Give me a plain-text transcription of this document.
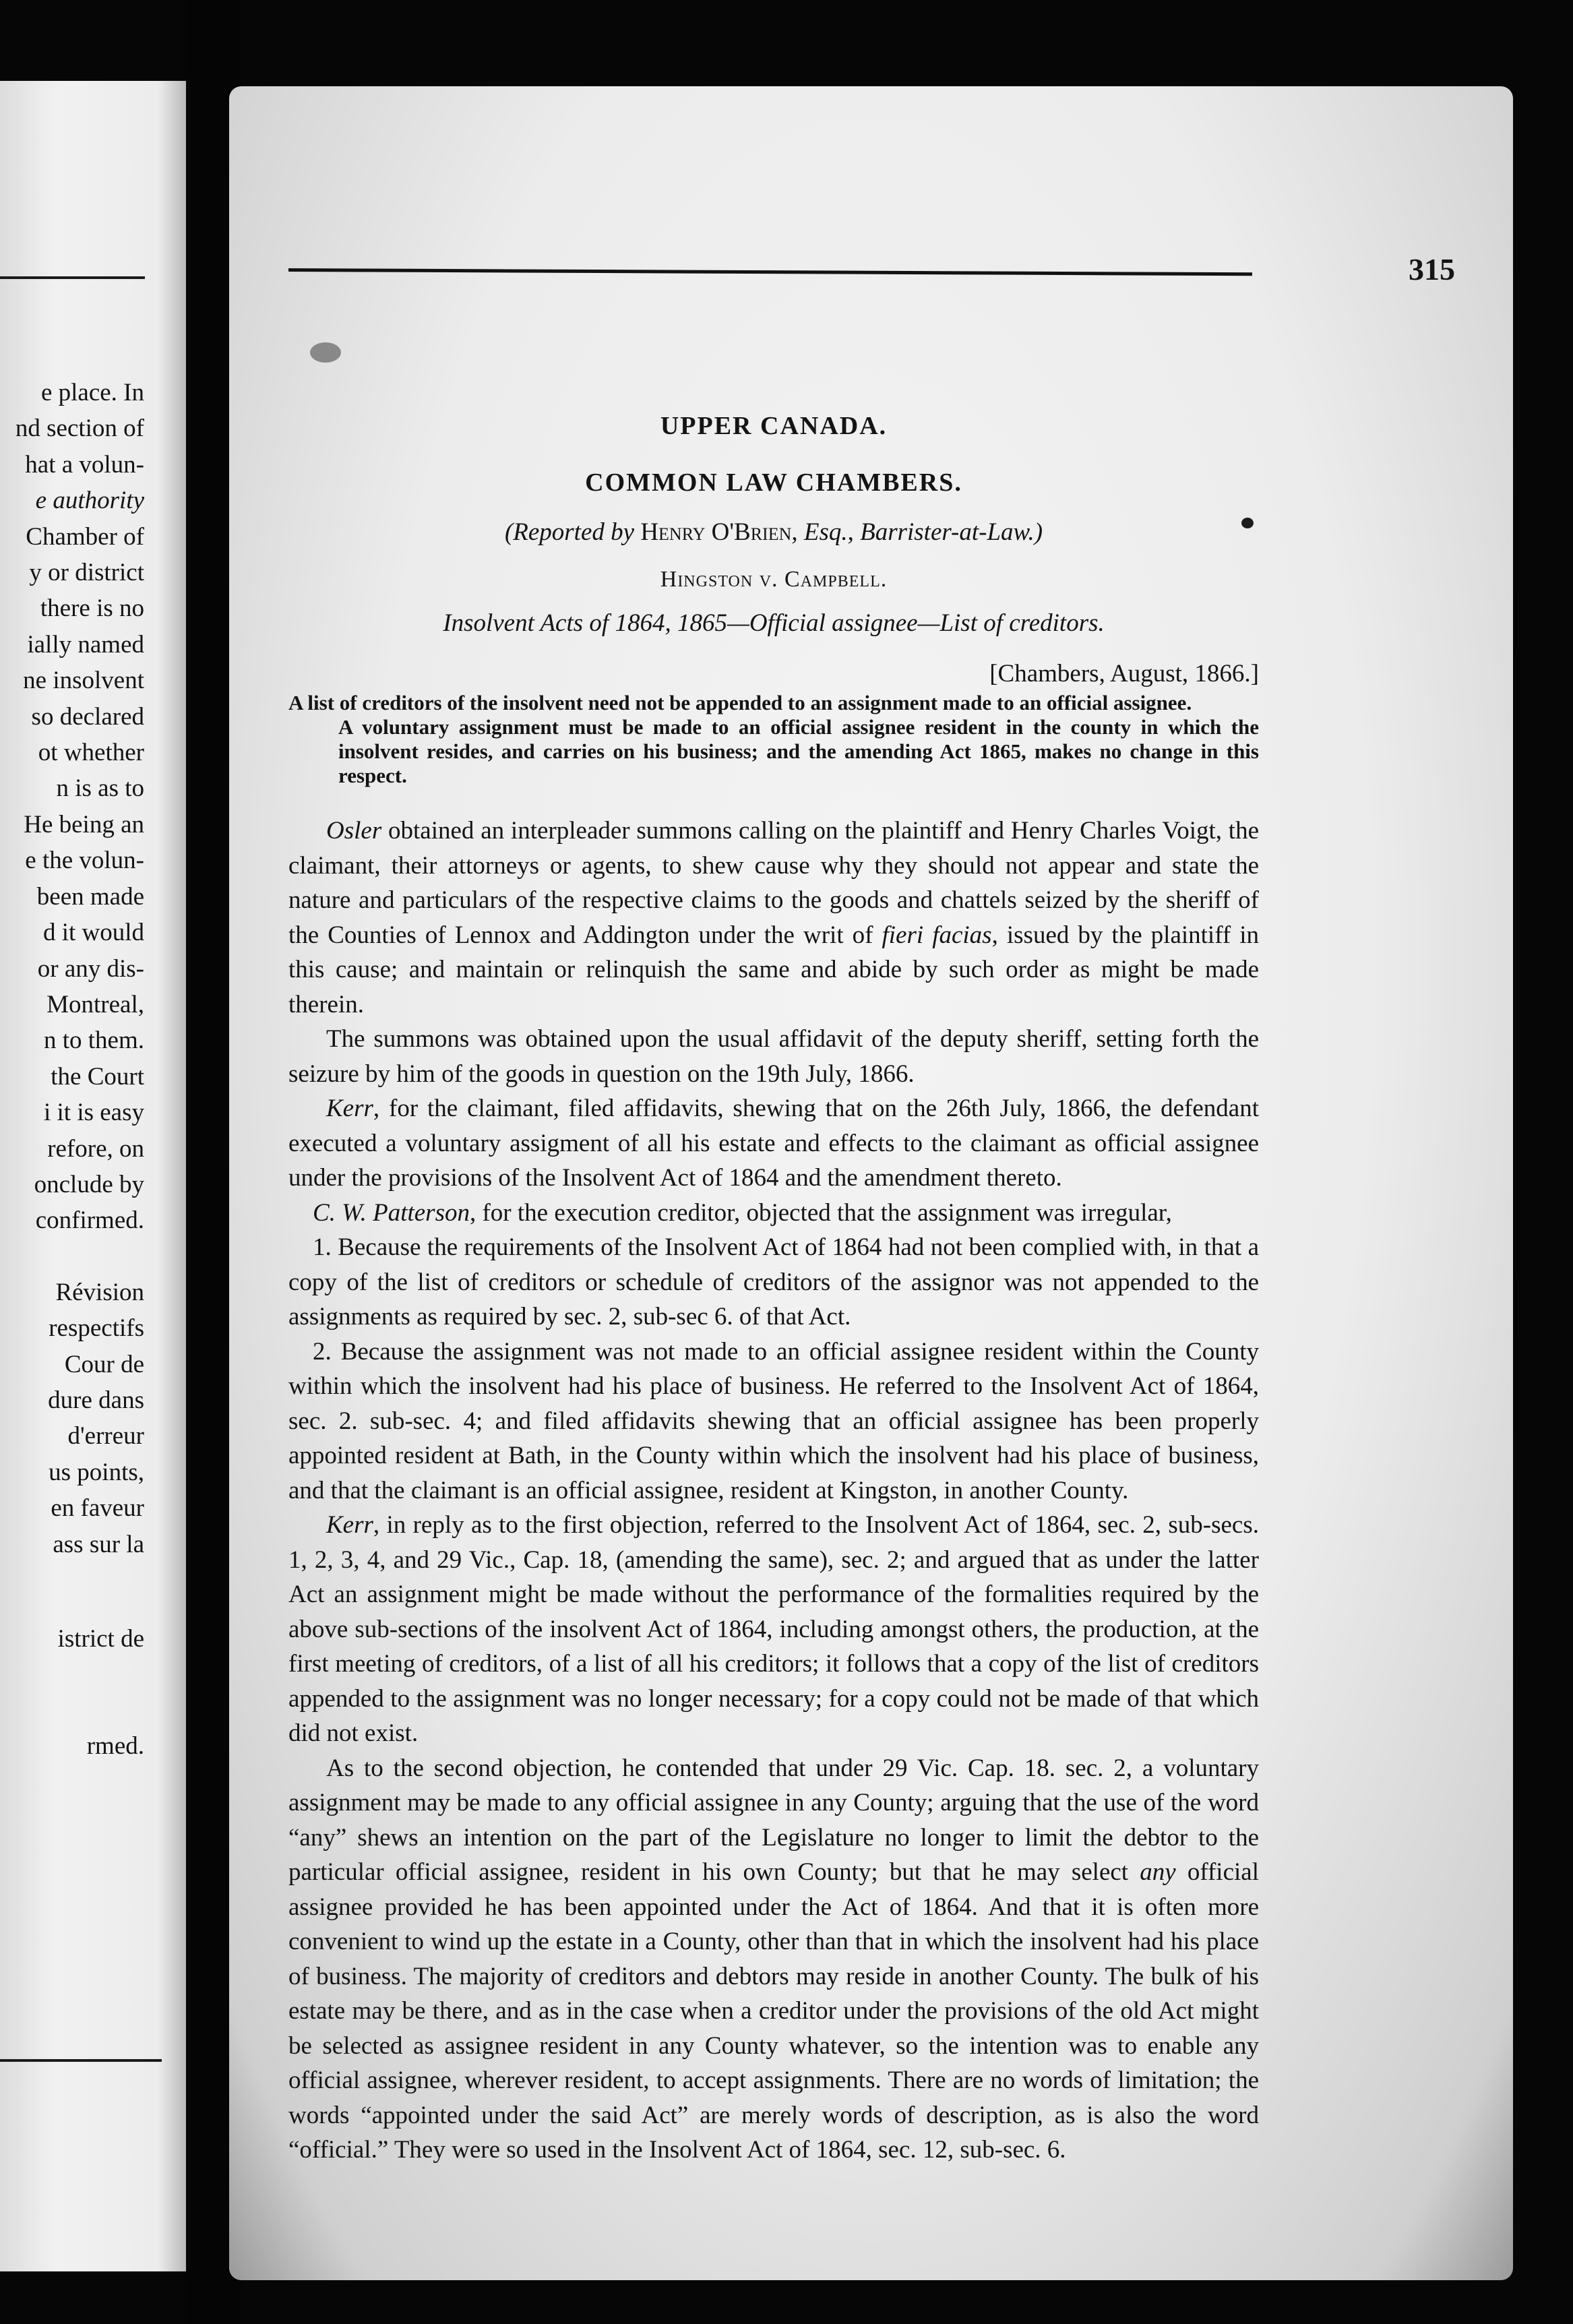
e place. In
nd section of
hat a volun-
e authority
Chamber of
y or district
there is no
ially named
ne insolvent
so declared
ot whether
n is as to
He being an
e the volun-
been made
d it would
or any dis-
Montreal,
n to them.
the Court
i it is easy
refore, on
onclude by
confirmed.
Révision
respectifs
Cour de
dure dans
d'erreur
us points,
en faveur
ass sur la
istrict de
rmed.
315
UPPER CANADA.
COMMON LAW CHAMBERS.
(Reported by Henry O'Brien, Esq., Barrister-at-Law.)
Hingston v. Campbell.
Insolvent Acts of 1864, 1865—Official assignee—List of creditors.
[Chambers, August, 1866.]

A list of creditors of the insolvent need not be appended to an assignment made to an official assignee.

A voluntary assignment must be made to an official assignee resident in the county in which the insolvent resides, and carries on his business; and the amending Act 1865, makes no change in this respect.

Osler obtained an interpleader summons calling on the plaintiff and Henry Charles Voigt, the claimant, their attorneys or agents, to shew cause why they should not appear and state the nature and particulars of the respective claims to the goods and chattels seized by the sheriff of the Counties of Lennox and Addington under the writ of fieri facias, issued by the plaintiff in this cause; and maintain or relinquish the same and abide by such order as might be made therein.

The summons was obtained upon the usual affidavit of the deputy sheriff, setting forth the seizure by him of the goods in question on the 19th July, 1866.

Kerr, for the claimant, filed affidavits, shewing that on the 26th July, 1866, the defendant executed a voluntary assigment of all his estate and effects to the claimant as official assignee under the provisions of the Insolvent Act of 1864 and the amendment thereto.

C. W. Patterson, for the execution creditor, objected that the assignment was irregular,

1. Because the requirements of the Insolvent Act of 1864 had not been complied with, in that a copy of the list of creditors or schedule of creditors of the assignor was not appended to the assignments as required by sec. 2, sub-sec 6. of that Act.

2. Because the assignment was not made to an official assignee resident within the County within which the insolvent had his place of business. He referred to the Insolvent Act of 1864, sec. 2. sub-sec. 4; and filed affidavits shewing that an official assignee has been properly appointed resident at Bath, in the County within which the insolvent had his place of business, and that the claimant is an official assignee, resident at Kingston, in another County.

Kerr, in reply as to the first objection, referred to the Insolvent Act of 1864, sec. 2, sub-secs. 1, 2, 3, 4, and 29 Vic., Cap. 18, (amending the same), sec. 2; and argued that as under the latter Act an assignment might be made without the performance of the formalities required by the above sub-sections of the insolvent Act of 1864, including amongst others, the production, at the first meeting of creditors, of a list of all his creditors; it follows that a copy of the list of creditors appended to the assignment was no longer necessary; for a copy could not be made of that which did not exist.

As to the second objection, he contended that under 29 Vic. Cap. 18. sec. 2, a voluntary assignment may be made to any official assignee in any County; arguing that the use of the word “any” shews an intention on the part of the Legislature no longer to limit the debtor to the particular official assignee, resident in his own County; but that he may select any official assignee provided he has been appointed under the Act of 1864. And that it is often more convenient to wind up the estate in a County, other than that in which the insolvent had his place of business. The majority of creditors and debtors may reside in another County. The bulk of his estate may be there, and as in the case when a creditor under the provisions of the old Act might be selected as assignee resident in any County whatever, so the intention was to enable any official assignee, wherever resident, to accept assignments. There are no words of limitation; the words “appointed under the said Act” are merely words of description, as is also the word “official.” They were so used in the Insolvent Act of 1864, sec. 12, sub-sec. 6.
